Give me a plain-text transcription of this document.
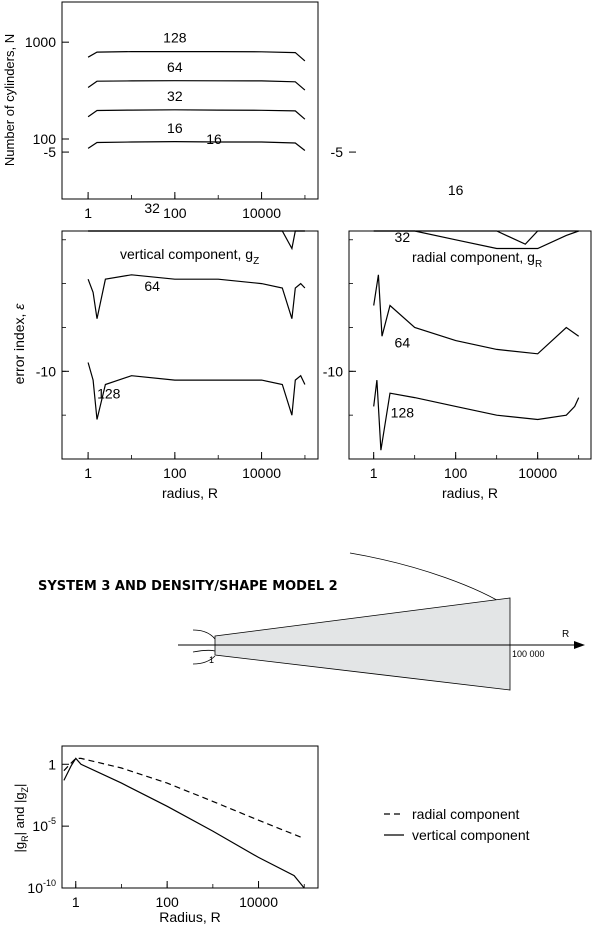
128
64
32
16
1	100	10000
100
1000
Number of cylinders, N	16
32
64
128
1	100	10000
-10
-5
vertical component, $g_Z$
radius, R
error index, ε
16
32
64
128
1	100	10000
-10
-5
radial component, $g_R$
radius, R
SYSTEM 3 AND DENSITY/SHAPE MODEL 2
R
1
100 000
1	100	10000
1
$10^{-5}$
$10^{-10}$
Radius, R
$|g_R|$ and $|g_Z|$
radial component
vertical component
